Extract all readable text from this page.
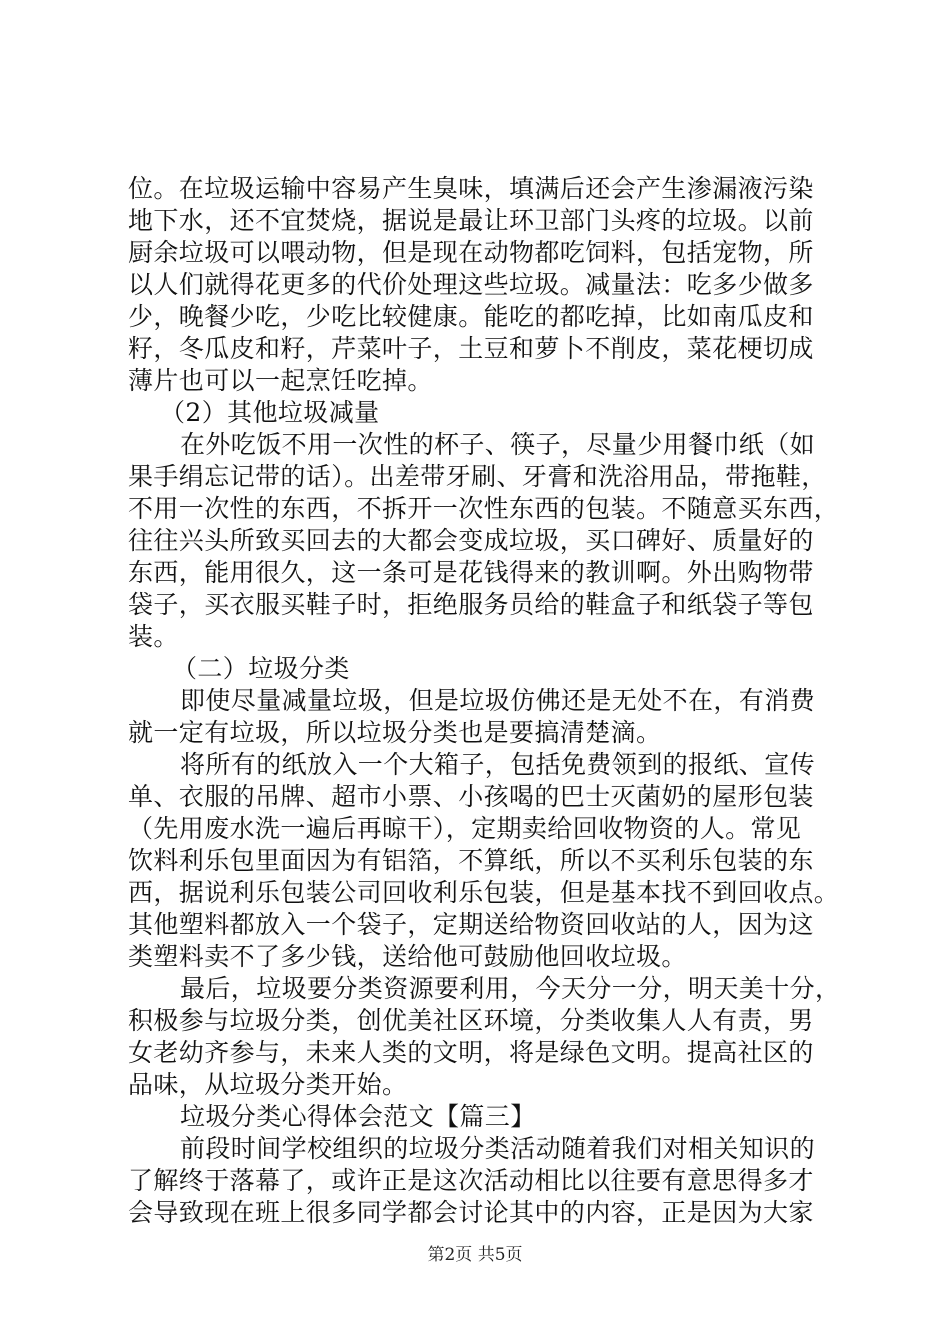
位。在垃圾运输中容易产生臭味，填满后还会产生渗漏液污染
地下水，还不宜焚烧，据说是最让环卫部门头疼的垃圾。以前
厨余垃圾可以喂动物，但是现在动物都吃饲料，包括宠物，所
以人们就得花更多的代价处理这些垃圾。减量法：吃多少做多
少，晚餐少吃，少吃比较健康。能吃的都吃掉，比如南瓜皮和
籽，冬瓜皮和籽，芹菜叶子，土豆和萝卜不削皮，菜花梗切成
薄片也可以一起烹饪吃掉。
（2）其他垃圾减量
在外吃饭不用一次性的杯子、筷子，尽量少用餐巾纸（如
果手绢忘记带的话）。出差带牙刷、牙膏和洗浴用品，带拖鞋，
不用一次性的东西，不拆开一次性东西的包装。不随意买东西，
往往兴头所致买回去的大都会变成垃圾，买口碑好、质量好的
东西，能用很久，这一条可是花钱得来的教训啊。外出购物带
袋子，买衣服买鞋子时，拒绝服务员给的鞋盒子和纸袋子等包
装。
（二）垃圾分类
即使尽量减量垃圾，但是垃圾仿佛还是无处不在，有消费
就一定有垃圾，所以垃圾分类也是要搞清楚滴。
将所有的纸放入一个大箱子，包括免费领到的报纸、宣传
单、衣服的吊牌、超市小票、小孩喝的巴士灭菌奶的屋形包装
（先用废水洗一遍后再晾干），定期卖给回收物资的人。常见
饮料利乐包里面因为有铝箔，不算纸，所以不买利乐包装的东
西，据说利乐包装公司回收利乐包装，但是基本找不到回收点。
其他塑料都放入一个袋子，定期送给物资回收站的人，因为这
类塑料卖不了多少钱，送给他可鼓励他回收垃圾。
最后，垃圾要分类资源要利用，今天分一分，明天美十分，
积极参与垃圾分类，创优美社区环境，分类收集人人有责，男
女老幼齐参与，未来人类的文明，将是绿色文明。提高社区的
品味，从垃圾分类开始。
垃圾分类心得体会范文【篇三】
前段时间学校组织的垃圾分类活动随着我们对相关知识的
了解终于落幕了，或许正是这次活动相比以往要有意思得多才
会导致现在班上很多同学都会讨论其中的内容，正是因为大家
第2页 共5页
